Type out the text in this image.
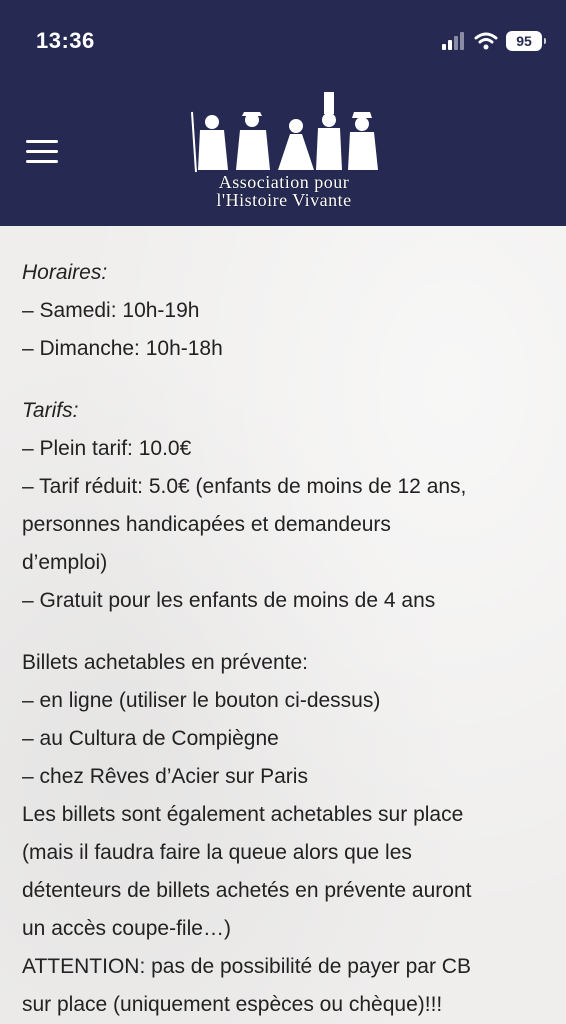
13:36	95
Association pour
l'Histoire Vivante

Horaires:

– Samedi: 10h-19h

– Dimanche: 10h-18h

Tarifs:

– Plein tarif: 10.0€

– Tarif réduit: 5.0€ (enfants de moins de 12 ans,

personnes handicapées et demandeurs

d’emploi)

– Gratuit pour les enfants de moins de 4 ans

Billets achetables en prévente:

– en ligne (utiliser le bouton ci-dessus)

– au Cultura de Compiègne

– chez Rêves d’Acier sur Paris

Les billets sont également achetables sur place

(mais il faudra faire la queue alors que les

détenteurs de billets achetés en prévente auront

un accès coupe-file…)

ATTENTION: pas de possibilité de payer par CB

sur place (uniquement espèces ou chèque)!!!
